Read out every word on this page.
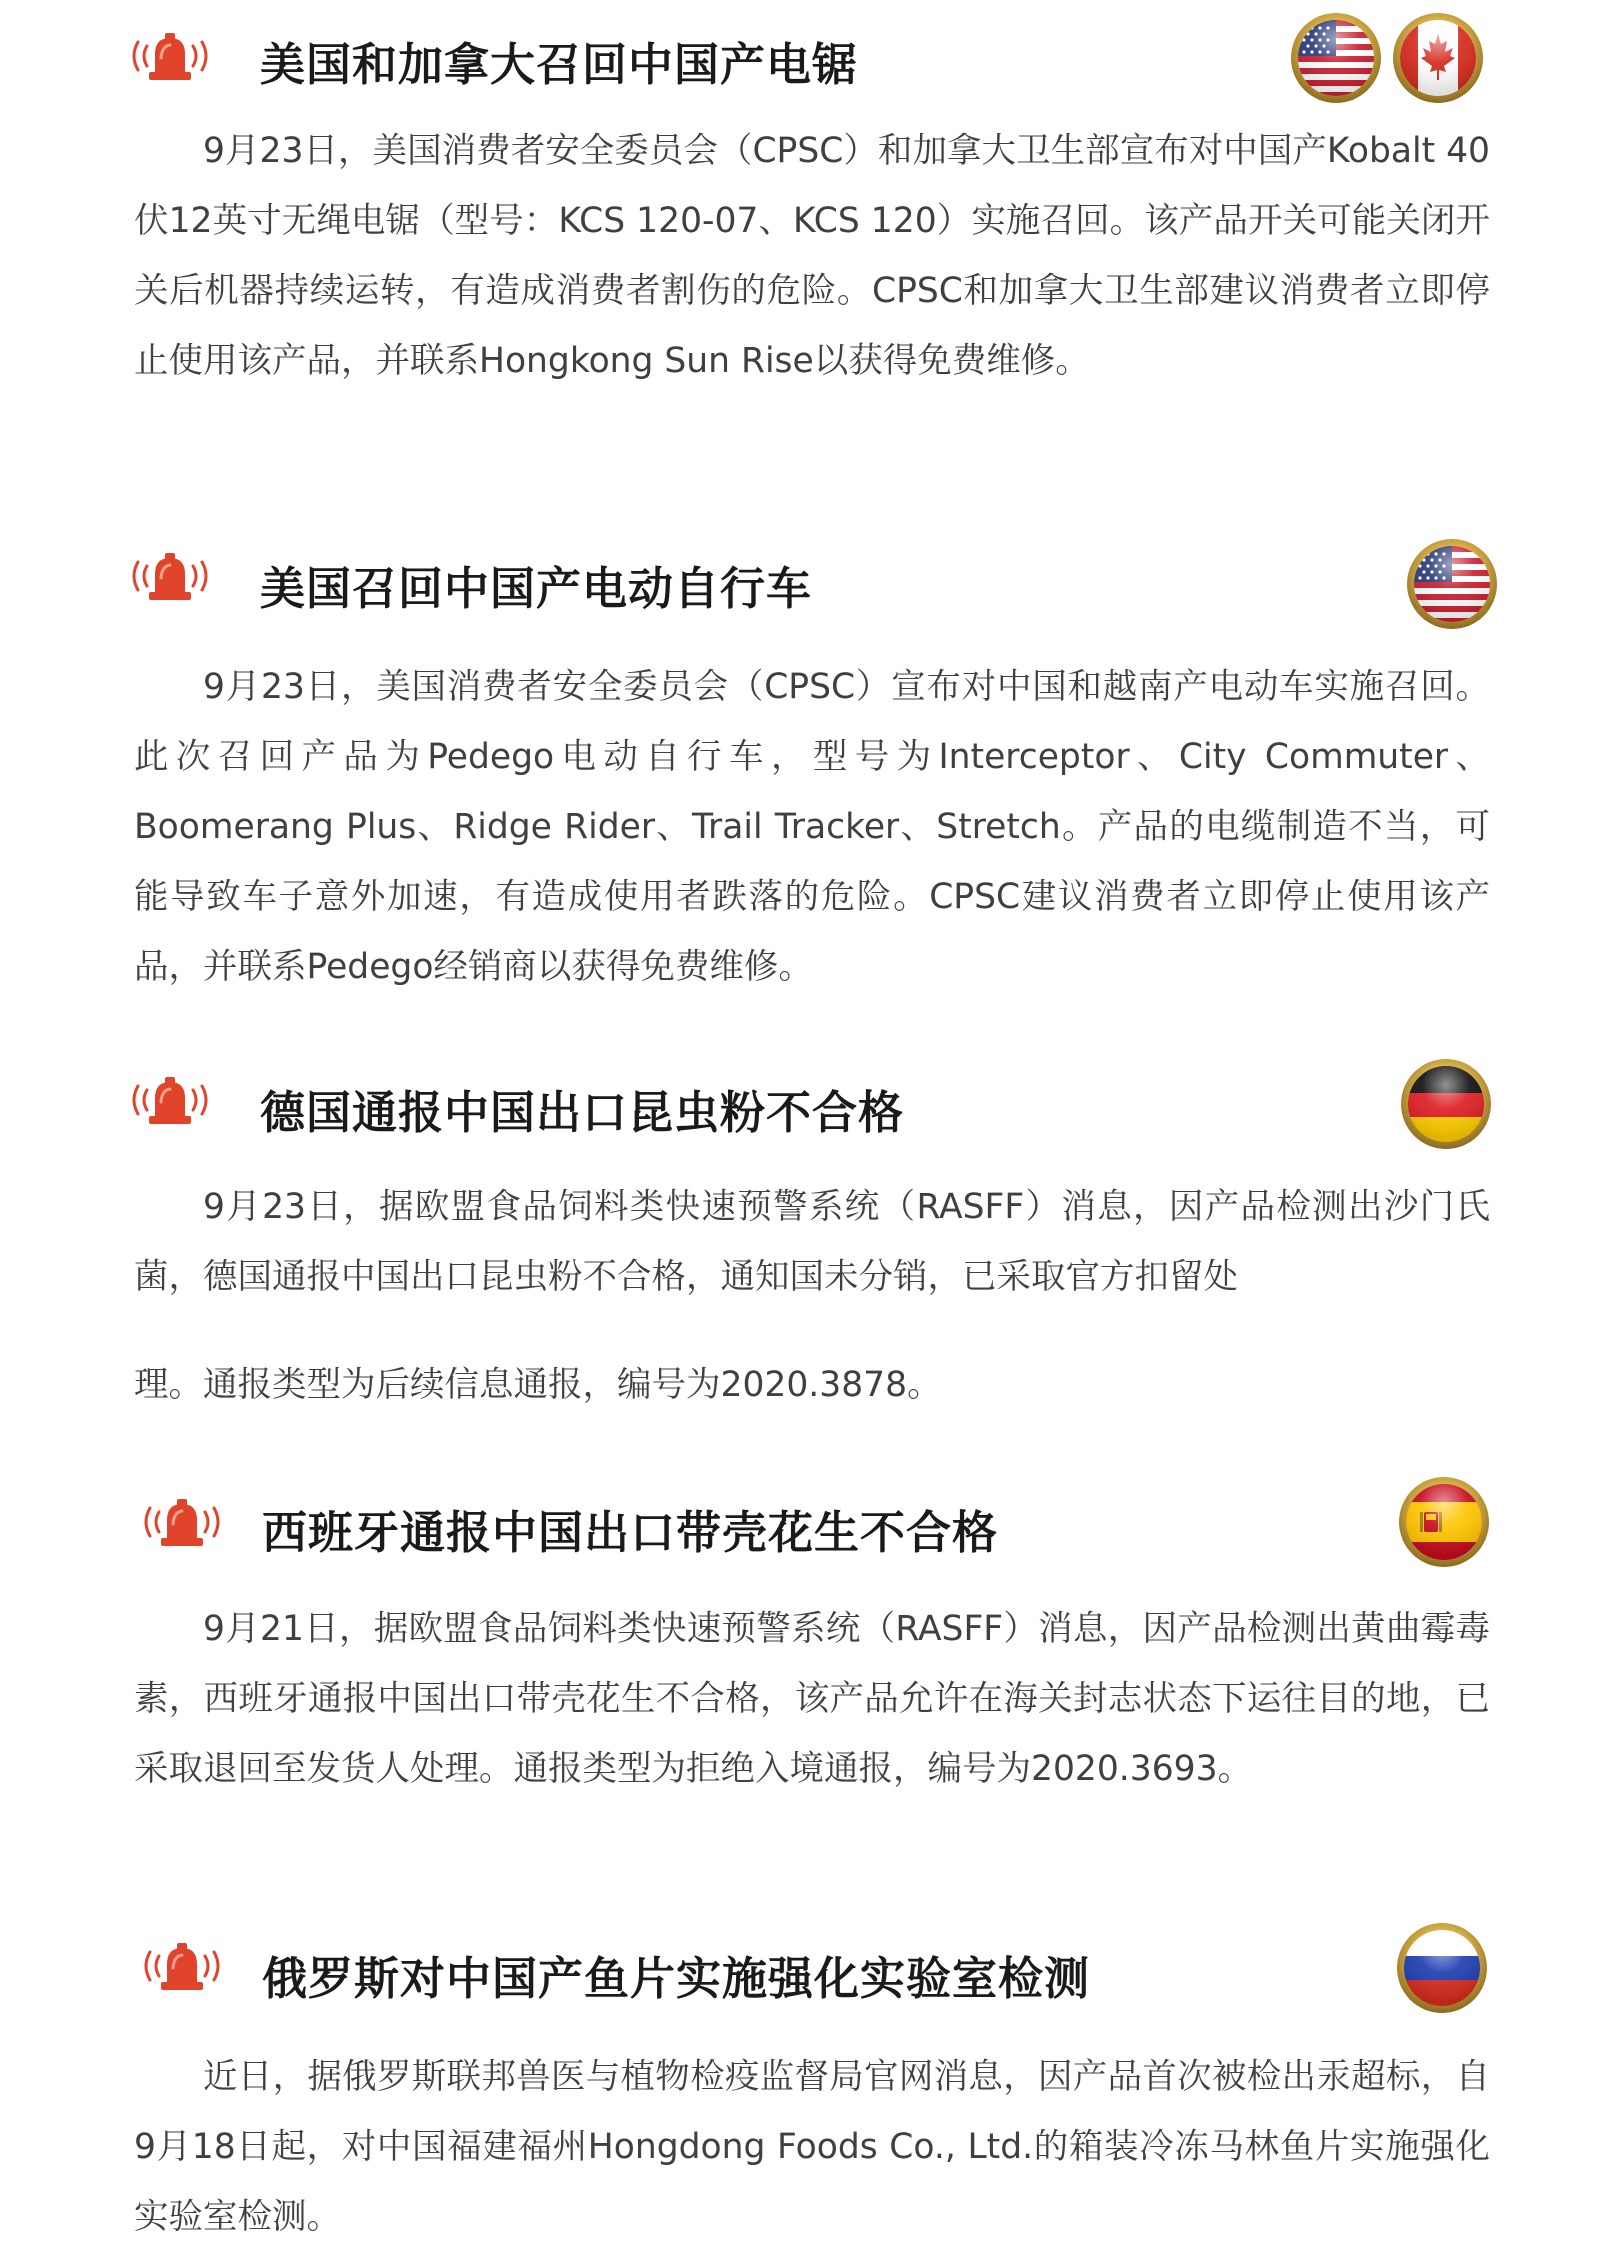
美国和加拿大召回中国产电锯

9月23日，美国消费者安全委员会（CPSC）和加拿大卫生部宣布对中国产Kobalt 40伏12英寸无绳电锯（型号：KCS 120-07、KCS 120）实施召回。该产品开关可能关闭开关后机器持续运转，有造成消费者割伤的危险。CPSC和加拿大卫生部建议消费者立即停止使用该产品，并联系Hongkong Sun Rise以获得免费维修。

美国召回中国产电动自行车

9月23日，美国消费者安全委员会（CPSC）宣布对中国和越南产电动车实施召回。此次召回产品为Pedego电动自行车，型号为Interceptor、City Commuter、Boomerang Plus、Ridge Rider、Trail Tracker、Stretch。产品的电缆制造不当，可能导致车子意外加速，有造成使用者跌落的危险。CPSC建议消费者立即停止使用该产品，并联系Pedego经销商以获得免费维修。

德国通报中国出口昆虫粉不合格

9月23日，据欧盟食品饲料类快速预警系统（RASFF）消息，因产品检测出沙门氏菌，德国通报中国出口昆虫粉不合格，通知国未分销，已采取官方扣留处
理。通报类型为后续信息通报，编号为2020.3878。

西班牙通报中国出口带壳花生不合格

9月21日，据欧盟食品饲料类快速预警系统（RASFF）消息，因产品检测出黄曲霉毒素，西班牙通报中国出口带壳花生不合格，该产品允许在海关封志状态下运往目的地，已采取退回至发货人处理。通报类型为拒绝入境通报，编号为2020.3693。

俄罗斯对中国产鱼片实施强化实验室检测

近日，据俄罗斯联邦兽医与植物检疫监督局官网消息，因产品首次被检出汞超标，自9月18日起，对中国福建福州Hongdong Foods Co., Ltd.的箱装冷冻马林鱼片实施强化实验室检测。
